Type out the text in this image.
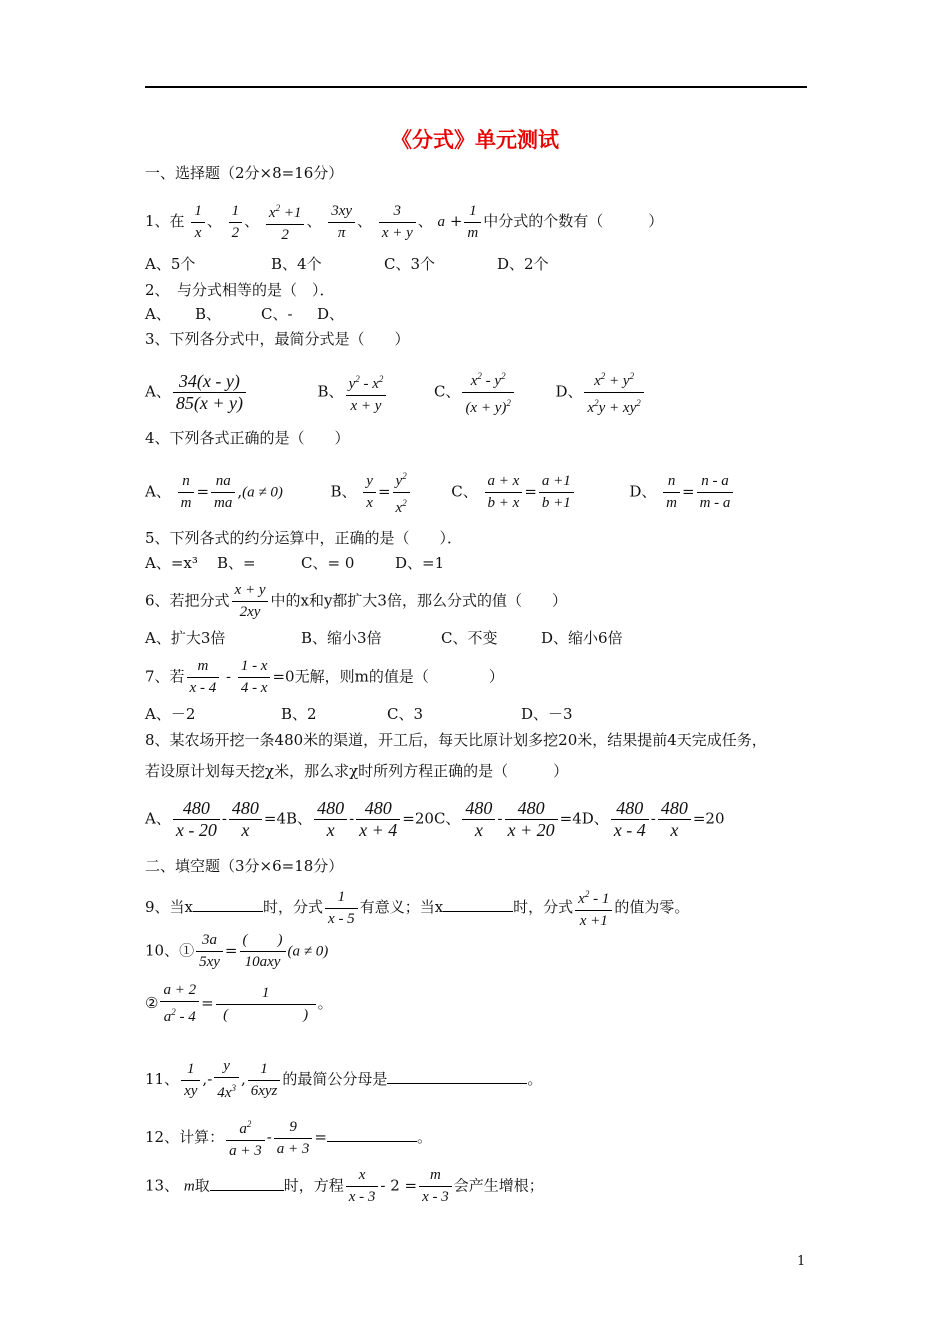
《分式》单元测试
一、选择题（2分×8=16分）
1、在 $\frac{1}{x}$ 、 $\frac{1}{2}$ 、 $\frac{x^2 +1}{2}$ 、 $\frac{3xy}{\pi}$ 、 $\frac{3}{x + y}$ 、 $a + \frac{1}{m}$ 中分式的个数有（　　　）
A、5个	B、4个	C、3个	D、2个
2、　与分式相等的是（　）．
A、 B、	C、- D、
3、下列各分式中，最简分式是（　　）
A、 $\frac{34(x - y)}{85(x + y)}$	B、 $\frac{y^2 - x^2}{x + y}$	C、 $\frac{x^2 - y^2}{(x + y)^2}$	D、 $\frac{x^2 + y^2}{x^2y + xy^2}$
4、下列各式正确的是（　　）
A、 $\frac{n}{m} = \frac{na}{ma} ,(a \ne 0)$	B、 $\frac{y}{x} = \frac{y^2}{x^2}$	C、 $\frac{a + x}{b + x} = \frac{a +1}{b +1}$	D、 $\frac{n}{m} = \frac{n - a}{m - a}$
5、下列各式的约分运算中，正确的是（　　）．
A、=x³ B、=	C、= 0	D、=1
6、若把分式 $\frac{x + y}{2xy}$ 中的x和y都扩大3倍，那么分式的值（　　）
A、扩大3倍	B、缩小3倍	C、不变	D、缩小6倍
7、若 $\frac{m}{x - 4} - \frac{1 - x}{4 - x} =0$无解，则m的值是（　　　　）
A、－2	B、2	C、3	D、－3
8、某农场开挖一条480米的渠道，开工后，每天比原计划多挖20米，结果提前4天完成任务，
若设原计划每天挖χ米，那么求χ时所列方程正确的是（　　　）
A、 $\frac{480}{x - 20} - \frac{480}{x} =4B$、 $\frac{480}{x} - \frac{480}{x + 4} =20C$、 $\frac{480}{x} - \frac{480}{x + 20} =4D$、 $\frac{480}{x - 4} - \frac{480}{x} =20$
二、填空题（3分×6=18分）
9、当x	时，分式 $\frac{1}{x - 5}$ 有意义；当x	时，分式 $\frac{x^2 - 1}{x +1}$ 的值为零。
10、① $\frac{3a}{5xy}$ =
(　　)
10axy
(a ≠ 0)
② $\frac{a + 2}{a^2 - 4}$ =
1
(　　　　　)
。
11、 $\frac{1}{xy}$ ,- $\frac{y}{4x^3}$ ,
1
6xyz
的最简公分母是	。
12、计算： $\frac{a^2}{a + 3} - \frac{9}{a + 3}$ =	。
13、 m取	时，方程 $\frac{x}{x - 3} - 2 = \frac{m}{x - 3}$ 会产生增根；
1
